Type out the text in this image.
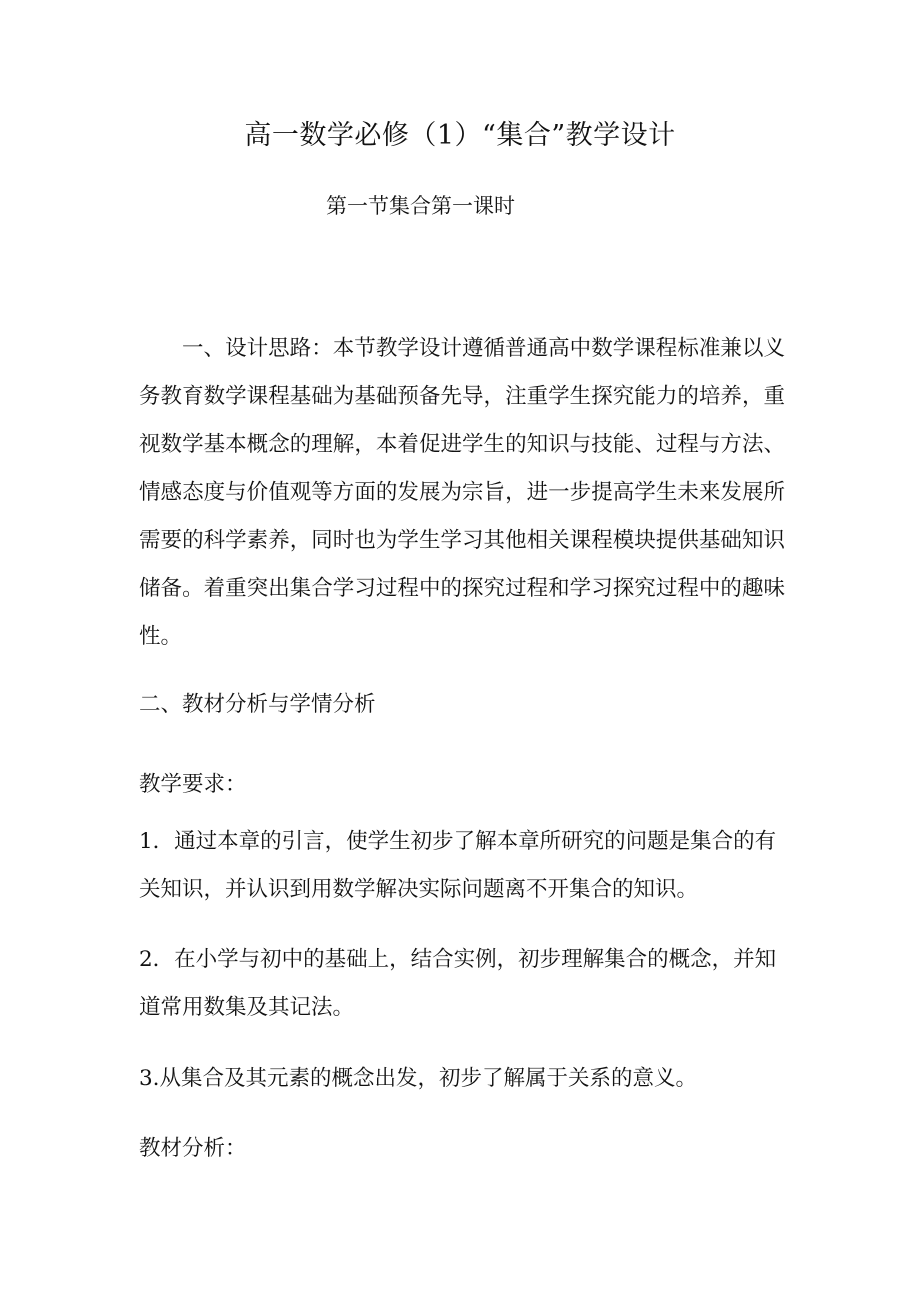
高一数学必修（1）“集合”教学设计
第一节集合第一课时

一、设计思路：本节教学设计遵循普通高中数学课程标准兼以义务教育数学课程基础为基础预备先导，注重学生探究能力的培养，重视数学基本概念的理解，本着促进学生的知识与技能、过程与方法、情感态度与价值观等方面的发展为宗旨，进一步提高学生未来发展所需要的科学素养，同时也为学生学习其他相关课程模块提供基础知识储备。着重突出集合学习过程中的探究过程和学习探究过程中的趣味性。

二、教材分析与学情分析

教学要求：

1．通过本章的引言，使学生初步了解本章所研究的问题是集合的有关知识，并认识到用数学解决实际问题离不开集合的知识。

2．在小学与初中的基础上，结合实例，初步理解集合的概念，并知道常用数集及其记法。

3.从集合及其元素的概念出发，初步了解属于关系的意义。

教材分析：
